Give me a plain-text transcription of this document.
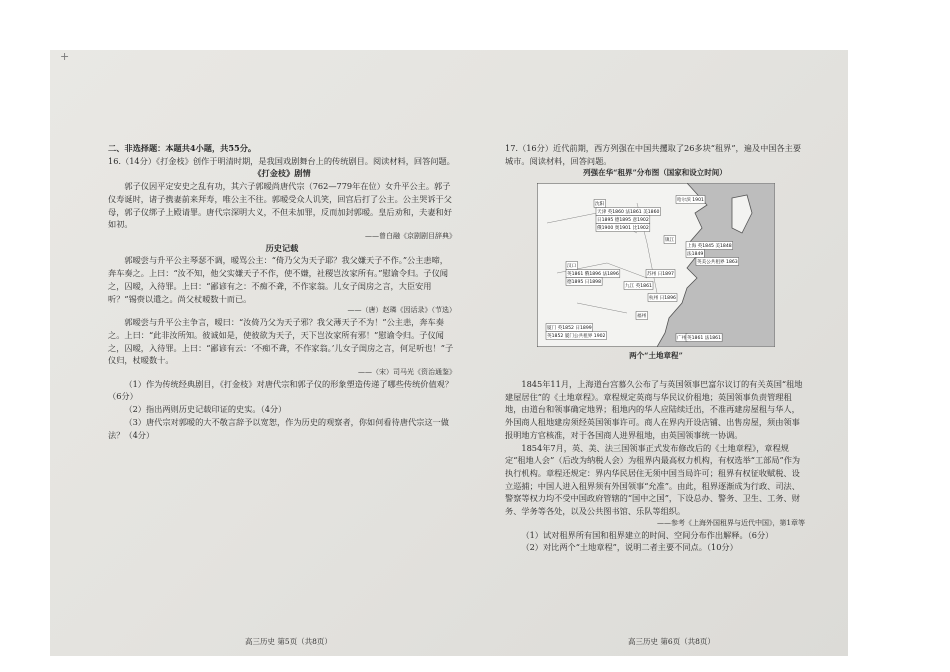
+

二、非选择题：本题共4小题，共55分。

16.（14分）《打金枝》创作于明清时期，是我国戏剧舞台上的传统剧目。阅读材料，回答问题。

《打金枝》剧情

郭子仪因平定安史之乱有功，其六子郭暧尚唐代宗（762—779年在位）女升平公主。郭子仪寿诞时，诸子携妻前来拜寿，唯公主不往。郭暧受众人讥笑，回宫后打了公主。公主哭诉于父母，郭子仪绑子上殿请罪。唐代宗深明大义，不但未加罪，反而加封郭暧。皇后劝和，夫妻和好如初。

——曾白融《京剧剧目辞典》

历史记载

郭暧尝与升平公主琴瑟不调，暧骂公主：“倚乃父为天子耶？我父嫌天子不作。”公主恚啼，奔车奏之。上曰：“汝不知，他父实嫌天子不作，使不嫌，社稷岂汝家所有。”慰谕令归。子仪闻之，囚暧，入待罪。上曰：“鄙谚有之：不痴不聋，不作家翁。儿女子闺房之言，大臣安用听？”锡赍以遣之。尚父杖暧数十而已。

——（唐）赵璘《因话录》（节选）

郭暧尝与升平公主争言，暧曰：“汝倚乃父为天子邪？我父薄天子不为！”公主恚，奔车奏之。上曰：“此非汝所知。彼诚如是，使彼欲为天子，天下岂汝家所有邪！”慰谕令归。子仪闻之，囚暧，入待罪。上曰：“鄙谚有云：‘不痴不聋，不作家翁。’儿女子闺房之言，何足听也！”子仪归，杖暧数十。

——（宋）司马光《资治通鉴》

（1）作为传统经典剧目，《打金枝》对唐代宗和郭子仪的形象塑造传递了哪些传统价值观？（6分）

（2）指出两则历史记载印证的史实。（4分）

（3）唐代宗对郭暧的大不敬言辞予以宽恕，作为历史的观察者，你如何看待唐代宗这一做法？（4分）

高三历史 第5页（共8页）

17.（16分）近代前期，西方列强在中国共攫取了26多块“租界”，遍及中国各主要城市。阅读材料，回答问题。

列强在华“租界”分布图（国家和设立时间）

沈阳
哈尔滨 1901
天津 英1860 法1861 美1860
日1895 德1895 意1902
俄1900 奥1901 比1902
汉口
英1861 俄1896 法1896
德1895 日1898
上海 英1845 美1848
法1849
英美公共租界 1863
镇江
苏州 日1897
杭州 日1896
九江 英1861
厦门 英1852 日1899
福州
英1852 厦门公共租界 1902	广州 英1861 法1861
两个“土地章程”

1845年11月，上海道台宫慕久公布了与英国领事巴富尔议订的有关英国“租地建屋居住”的《土地章程》。章程规定英商与华民议价租地；英国领事负责管理租地，由道台和领事确定地界；租地内的华人应陆续迁出，不准再建房屋租与华人，外国商人租地建房须经英国领事许可。商人在界内开设店铺、出售房屋，须由领事报明地方官核准，对于各国商人进界租地，由英国领事统一协调。

1854年7月，英、美、法三国领事正式发布修改后的《土地章程》，章程规定“租地人会”（后改为纳税人会）为租界内最高权力机构，有权选举“工部局”作为执行机构。章程还规定：界内华民居住无须中国当局许可；租界有权征收赋税、设立巡捕；中国人进入租界须有外国领事“允准”。由此，租界逐渐成为行政、司法、警察等权力均不受中国政府管辖的“国中之国”，下设总办、警务、卫生、工务、财务、学务等各处，以及公共图书馆、乐队等组织。

——参考《上海外国租界与近代中国》，第1章等

（1）试对租界所有国和租界建立的时间、空间分布作出解释。（6分）

（2）对比两个“土地章程”，说明二者主要不同点。（10分）

高三历史 第6页（共8页）
